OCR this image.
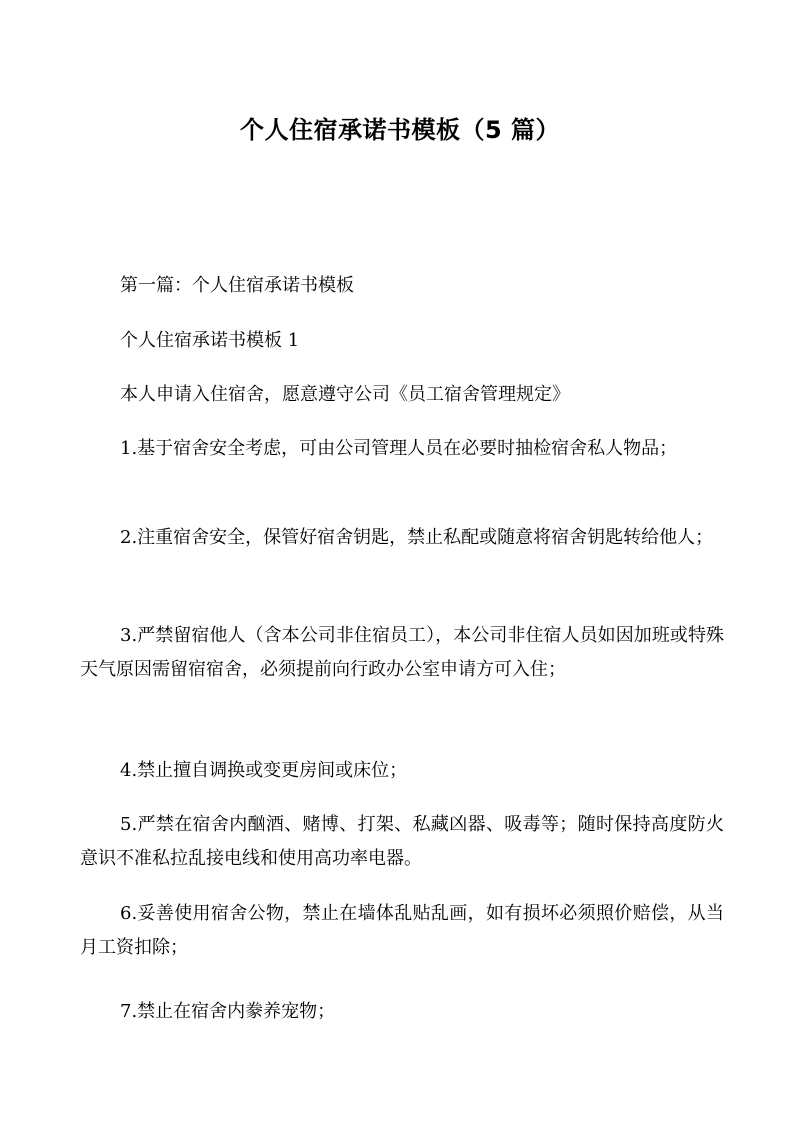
个人住宿承诺书模板（5 篇）

第一篇：个人住宿承诺书模板

个人住宿承诺书模板 1

本人申请入住宿舍，愿意遵守公司《员工宿舍管理规定》

1.基于宿舍安全考虑，可由公司管理人员在必要时抽检宿舍私人物品；

2.注重宿舍安全，保管好宿舍钥匙，禁止私配或随意将宿舍钥匙转给他人；

3.严禁留宿他人（含本公司非住宿员工），本公司非住宿人员如因加班或特殊天气原因需留宿宿舍，必须提前向行政办公室申请方可入住；

4.禁止擅自调换或变更房间或床位；

5.严禁在宿舍内酗酒、赌博、打架、私藏凶器、吸毒等；随时保持高度防火意识不准私拉乱接电线和使用高功率电器。

6.妥善使用宿舍公物，禁止在墙体乱贴乱画，如有损坏必须照价赔偿，从当月工资扣除；

7.禁止在宿舍内豢养宠物；
